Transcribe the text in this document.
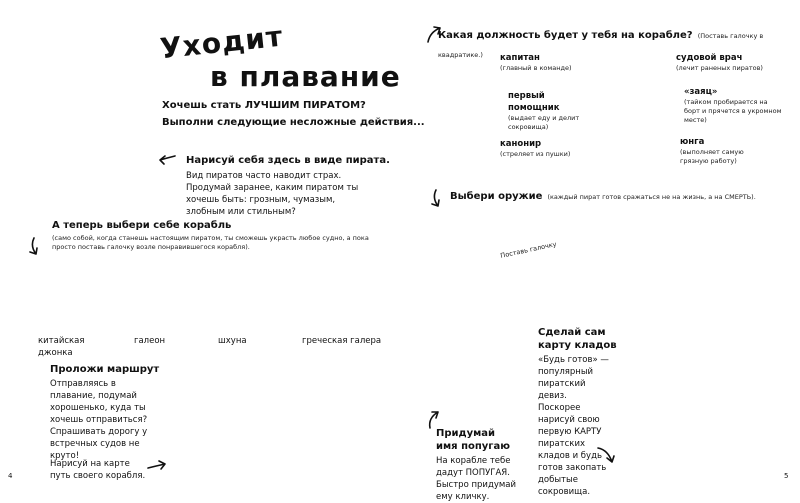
Уходит
в плавание
Хочешь стать ЛУЧШИМ ПИРАТОМ?
Выполни следующие несложные действия...
Нарисуй себя здесь в виде пирата.
Вид пиратов часто наводит страх. Продумай заранее, каким пиратом ты хочешь быть: грозным, чумазым, злобным или стильным?
А теперь выбери себе корабль
(само собой, когда станешь настоящим пиратом, ты сможешь украсть любое судно, а пока просто поставь галочку возле понравившегося корабля).
китайская джонка
галеон	шхуна	греческая галера
Проложи маршрут
Отправляясь в плавание, подумай хорошенько, куда ты хочешь отправиться? Спрашивать дорогу у встречных судов не круто!
Нарисуй на карте путь своего корабля.
4
Какая должность будет у тебя на корабле? (Поставь галочку в квадратике.)	капитан
(главный в команде)
судовой врач
(лечит раненых пиратов)
первый помощник
(выдает еду и делит сокровища)
«заяц»
(тайком пробирается на борт и прячется в укромном месте)
канонир
(стреляет из пушки)
юнга
(выполняет самую грязную работу)
Выбери оружие (каждый пират готов сражаться не на жизнь, а на СМЕРТЬ).
Поставь галочку
Придумай
имя попугаю
На корабле тебе дадут ПОПУГАЯ. Быстро придумай ему кличку.
Сделай сам карту кладов
«Будь готов» — популярный пиратский девиз. Поскорее нарисуй свою первую КАРТУ пиратских кладов и будь готов закопать добытые сокровища.
5
